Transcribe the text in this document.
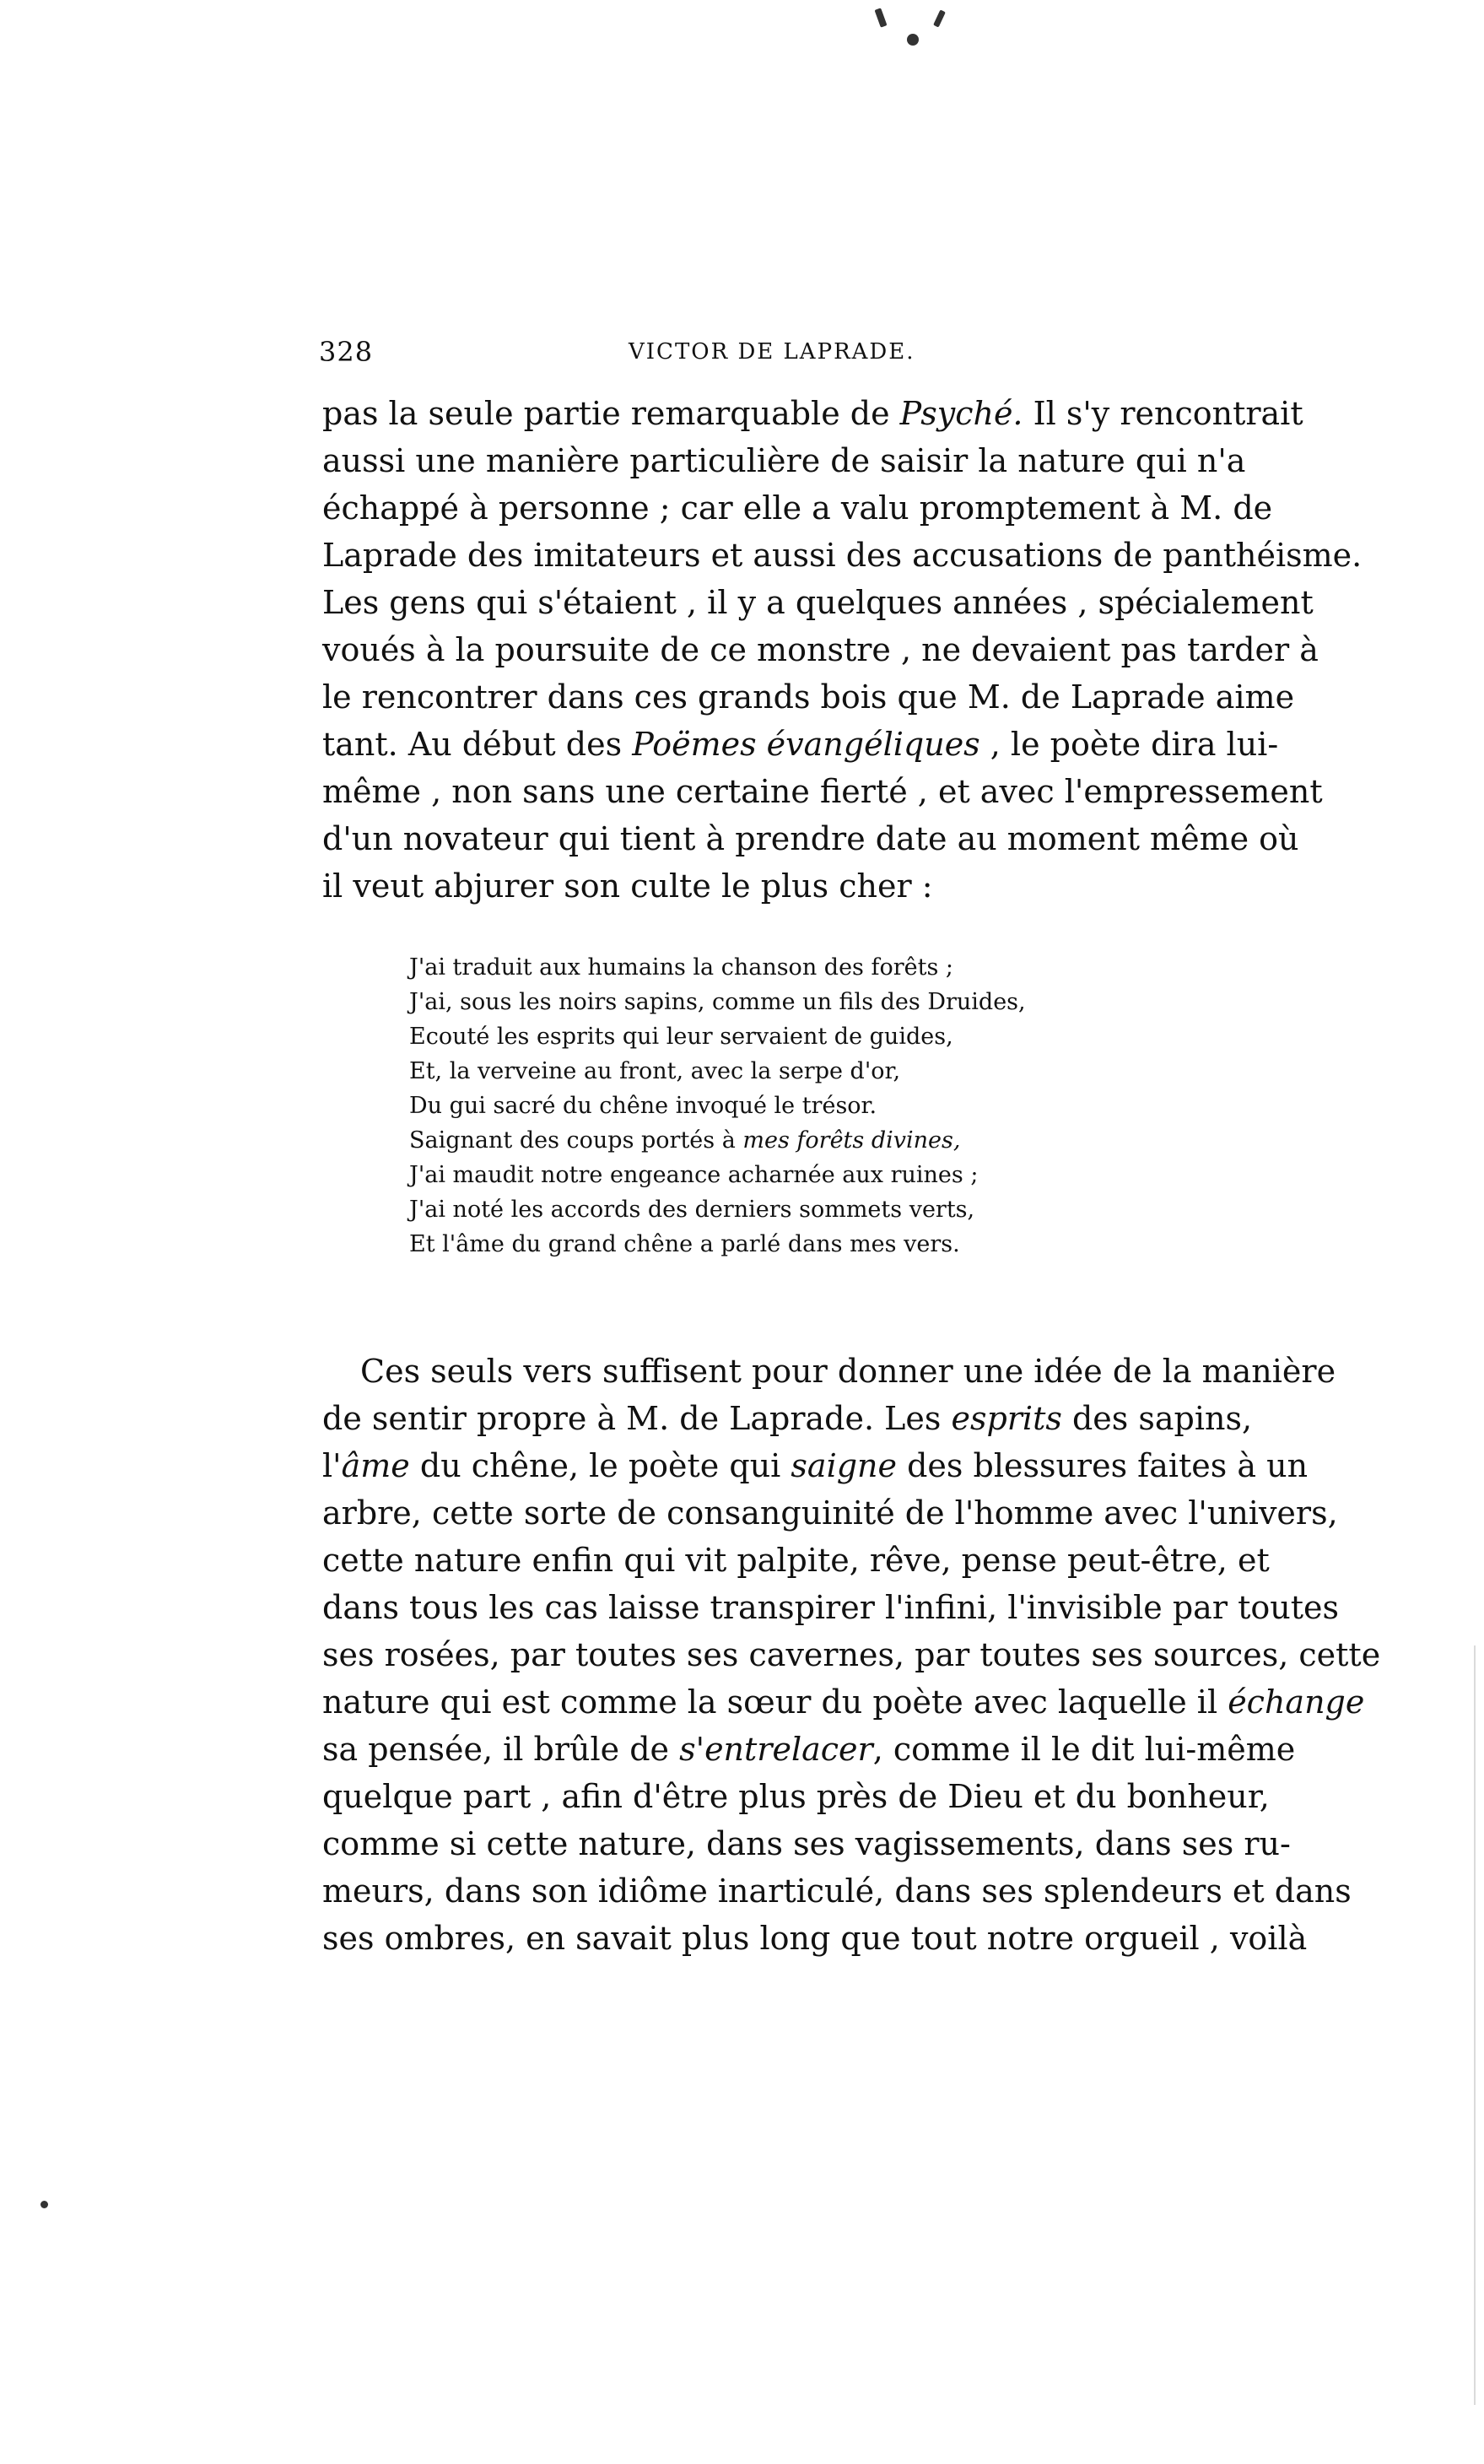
328	VICTOR DE LAPRADE.
pas la seule partie remarquable de Psyché. Il s'y rencontrait
aussi une manière particulière de saisir la nature qui n'a
échappé à personne ; car elle a valu promptement à M. de
Laprade des imitateurs et aussi des accusations de panthéisme.
Les gens qui s'étaient , il y a quelques années , spécialement
voués à la poursuite de ce monstre , ne devaient pas tarder à
le rencontrer dans ces grands bois que M. de Laprade aime
tant. Au début des Poëmes évangéliques , le poète dira lui-
même , non sans une certaine fierté , et avec l'empressement
d'un novateur qui tient à prendre date au moment même où
il veut abjurer son culte le plus cher :
J'ai traduit aux humains la chanson des forêts ;
J'ai, sous les noirs sapins, comme un fils des Druides,
Ecouté les esprits qui leur servaient de guides,
Et, la verveine au front, avec la serpe d'or,
Du gui sacré du chêne invoqué le trésor.
Saignant des coups portés à mes forêts divines,
J'ai maudit notre engeance acharnée aux ruines ;
J'ai noté les accords des derniers sommets verts,
Et l'âme du grand chêne a parlé dans mes vers.
Ces seuls vers suffisent pour donner une idée de la manière
de sentir propre à M. de Laprade. Les esprits des sapins,
l'âme du chêne, le poète qui saigne des blessures faites à un
arbre, cette sorte de consanguinité de l'homme avec l'univers,
cette nature enfin qui vit palpite, rêve, pense peut-être, et
dans tous les cas laisse transpirer l'infini, l'invisible par toutes
ses rosées, par toutes ses cavernes, par toutes ses sources, cette
nature qui est comme la sœur du poète avec laquelle il échange
sa pensée, il brûle de s'entrelacer, comme il le dit lui-même
quelque part , afin d'être plus près de Dieu et du bonheur,
comme si cette nature, dans ses vagissements, dans ses ru-
meurs, dans son idiôme inarticulé, dans ses splendeurs et dans
ses ombres, en savait plus long que tout notre orgueil , voilà
